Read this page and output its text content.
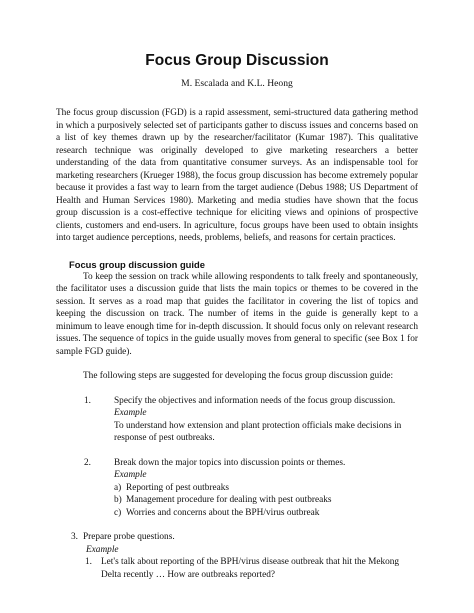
Focus Group Discussion
M. Escalada and K.L. Heong

The focus group discussion (FGD) is a rapid assessment, semi-structured data gathering method in which a purposively selected set of participants gather to discuss issues and concerns based on a list of key themes drawn up by the researcher/facilitator (Kumar 1987). This qualitative research technique was originally developed to give marketing researchers a better understanding of the data from quantitative consumer surveys. As an indispensable tool for marketing researchers (Krueger 1988), the focus group discussion has become extremely popular because it provides a fast way to learn from the target audience (Debus 1988; US Department of Health and Human Services 1980). Marketing and media studies have shown that the focus group discussion is a cost-effective technique for eliciting views and opinions of prospective clients, customers and end-users. In agriculture, focus groups have been used to obtain insights into target audience perceptions, needs, problems, beliefs, and reasons for certain practices.

Focus group discussion guide

To keep the session on track while allowing respondents to talk freely and spontaneously, the facilitator uses a discussion guide that lists the main topics or themes to be covered in the session. It serves as a road map that guides the facilitator in covering the list of topics and keeping the discussion on track. The number of items in the guide is generally kept to a minimum to leave enough time for in-depth discussion. It should focus only on relevant research issues. The sequence of topics in the guide usually moves from general to specific (see Box 1 for sample FGD guide).

The following steps are suggested for developing the focus group discussion guide:

1. Specify the objectives and information needs of the focus group discussion.
Example
To understand how extension and plant protection officials make decisions in response of pest outbreaks.
2. Break down the major topics into discussion points or themes.
Example
a) Reporting of pest outbreaks
b) Management procedure for dealing with pest outbreaks
c) Worries and concerns about the BPH/virus outbreak
3. Prepare probe questions.
Example
1. Let's talk about reporting of the BPH/virus disease outbreak that hit the Mekong Delta recently … How are outbreaks reported?
